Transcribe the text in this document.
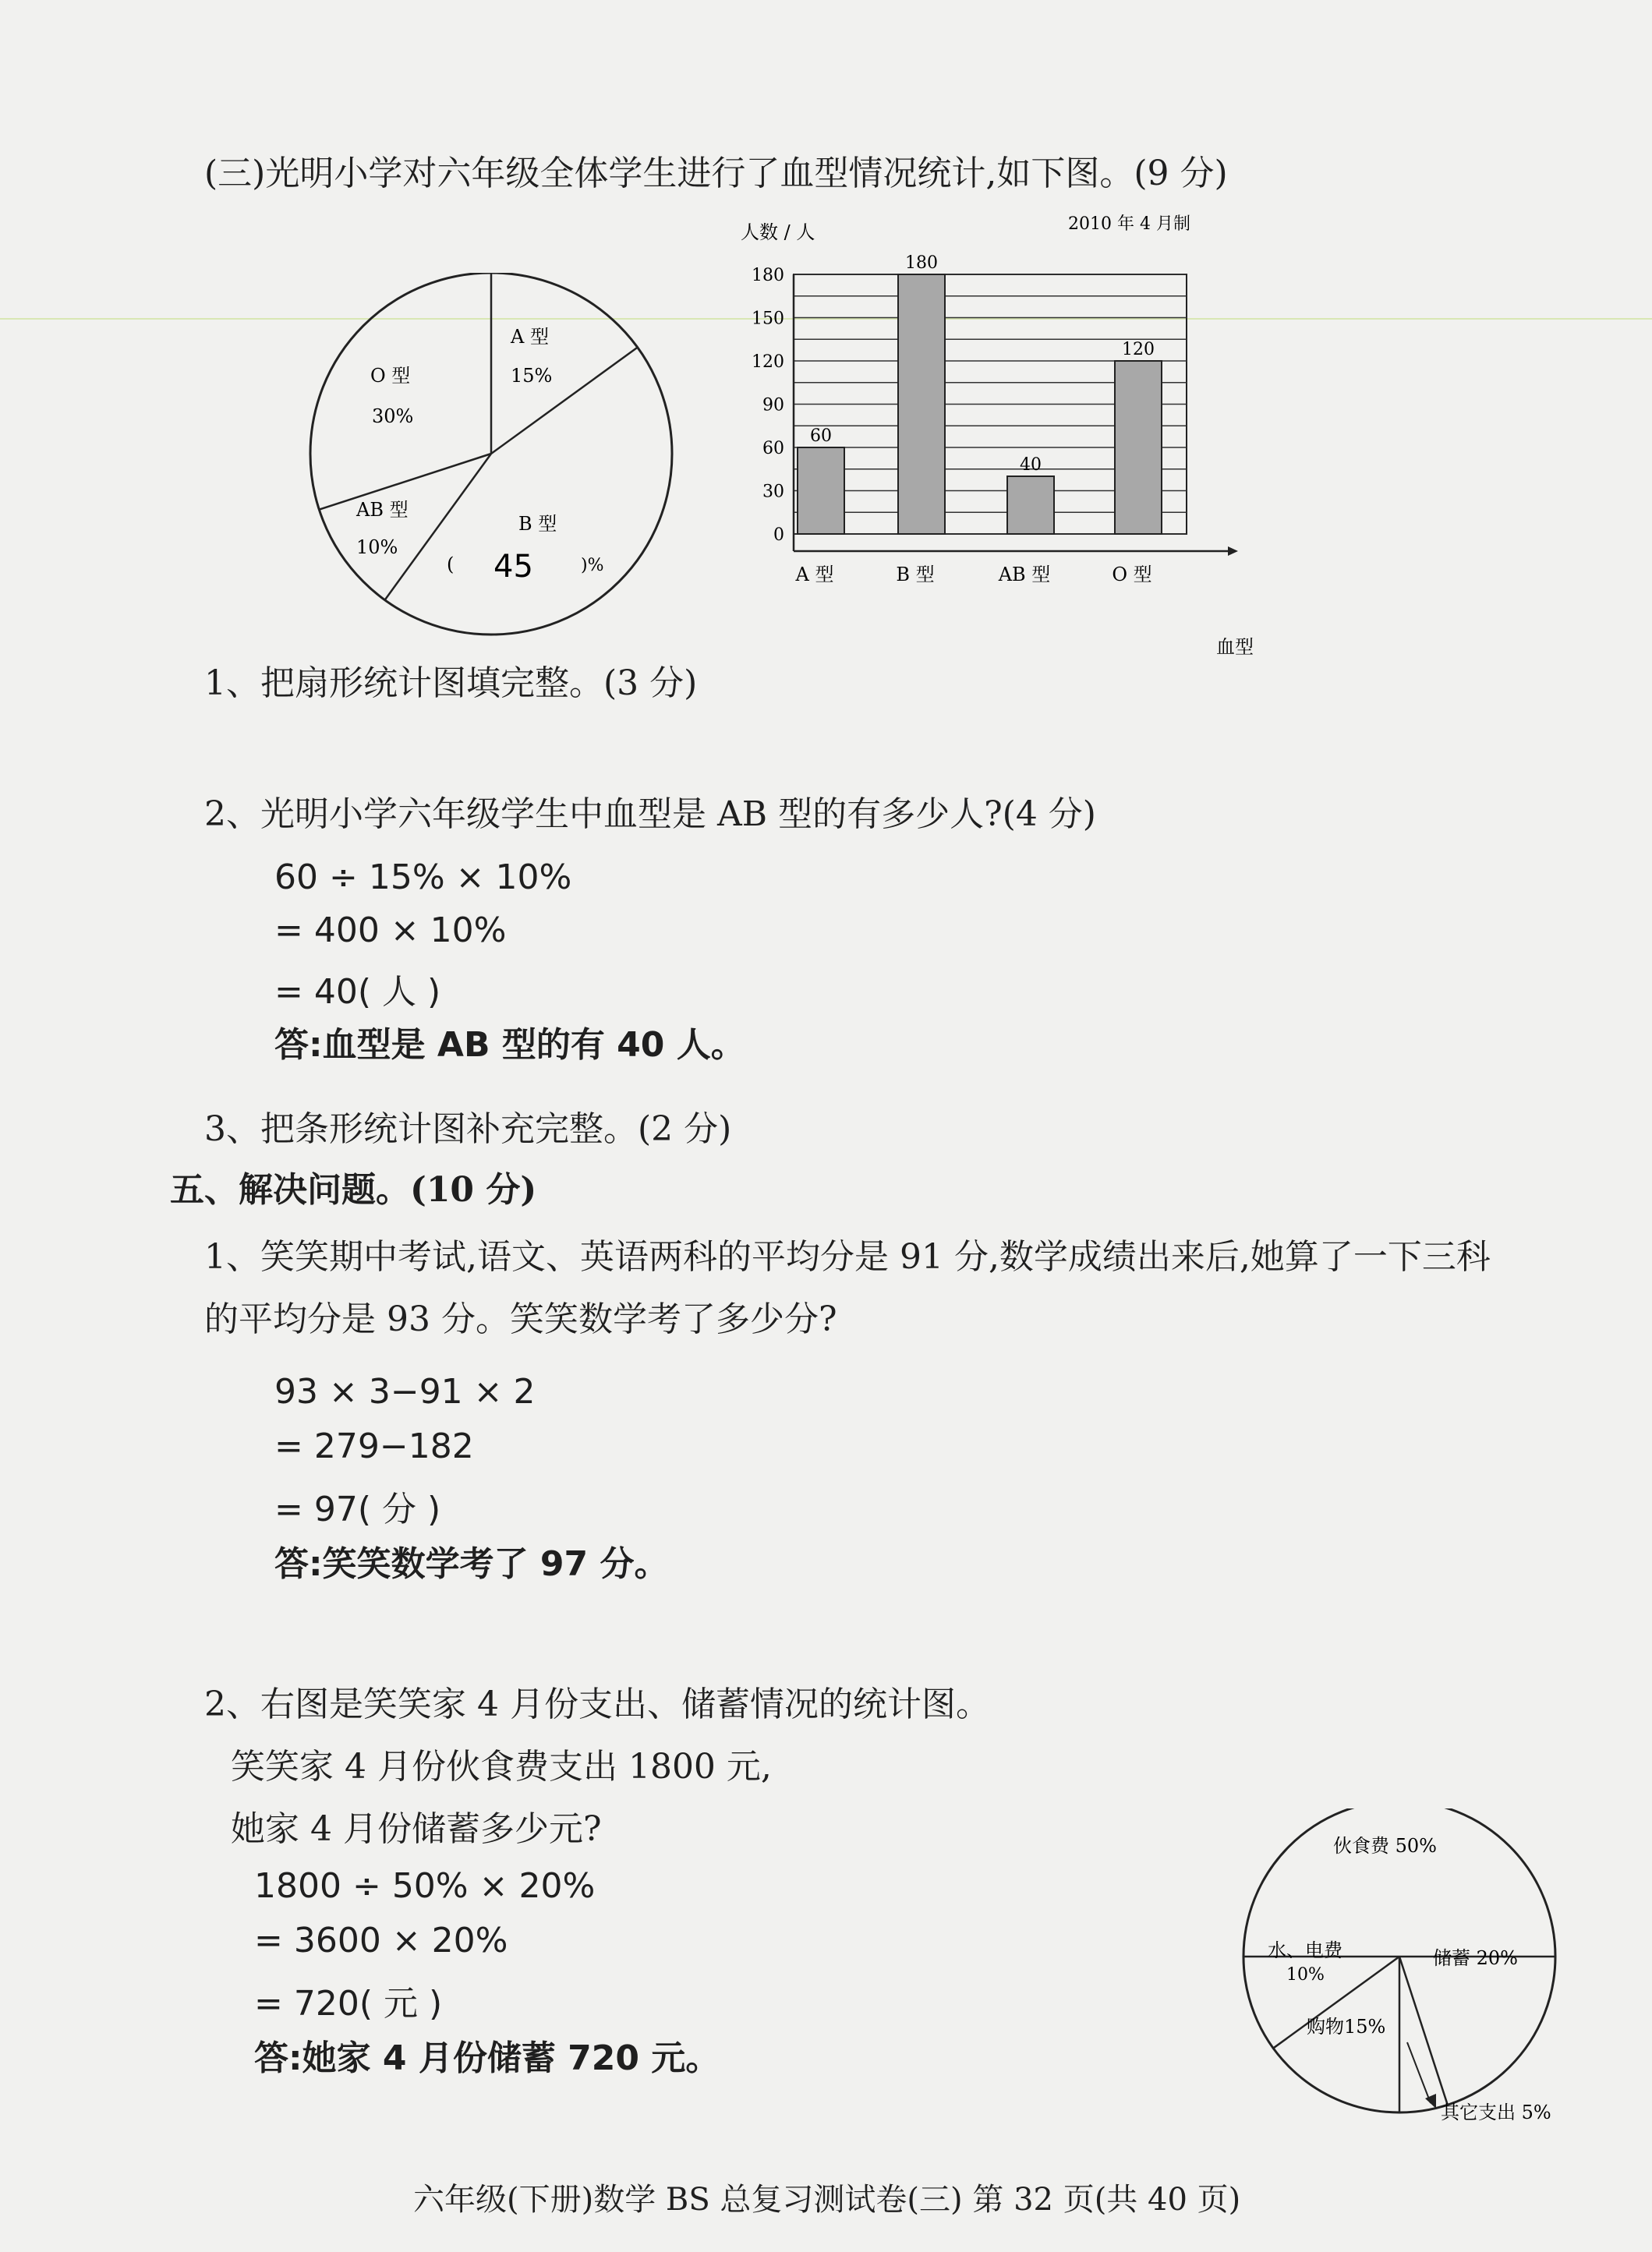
(三)光明小学对六年级全体学生进行了血型情况统计,如下图。(9 分)
A 型
15%
O 型
30%
AB 型
10%
B 型
( 45	)%
人数 / 人	2010 年 4 月制
60
180
40
120
0
30
60
90
120
150
180
A 型	B 型	AB 型	O 型
血型
1、把扇形统计图填完整。(3 分)
2、光明小学六年级学生中血型是 AB 型的有多少人?(4 分)
60 ÷ 15% × 10%
= 400 × 10%
= 40( 人 )
答:血型是 AB 型的有 40 人。
3、把条形统计图补充完整。(2 分)
五、解决问题。(10 分)
1、笑笑期中考试,语文、英语两科的平均分是 91 分,数学成绩出来后,她算了一下三科
的平均分是 93 分。笑笑数学考了多少分?
93 × 3−91 × 2
= 279−182
= 97( 分 )
答:笑笑数学考了 97 分。
2、右图是笑笑家 4 月份支出、储蓄情况的统计图。
笑笑家 4 月份伙食费支出 1800 元,
她家 4 月份储蓄多少元?
1800 ÷ 50% × 20%
= 3600 × 20%
= 720( 元 )
答:她家 4 月份储蓄 720 元。
伙食费 50%
储蓄 20%
水、电费
10%
购物15%
其它支出 5%
六年级(下册)数学 BS 总复习测试卷(三) 第 32 页(共 40 页)
